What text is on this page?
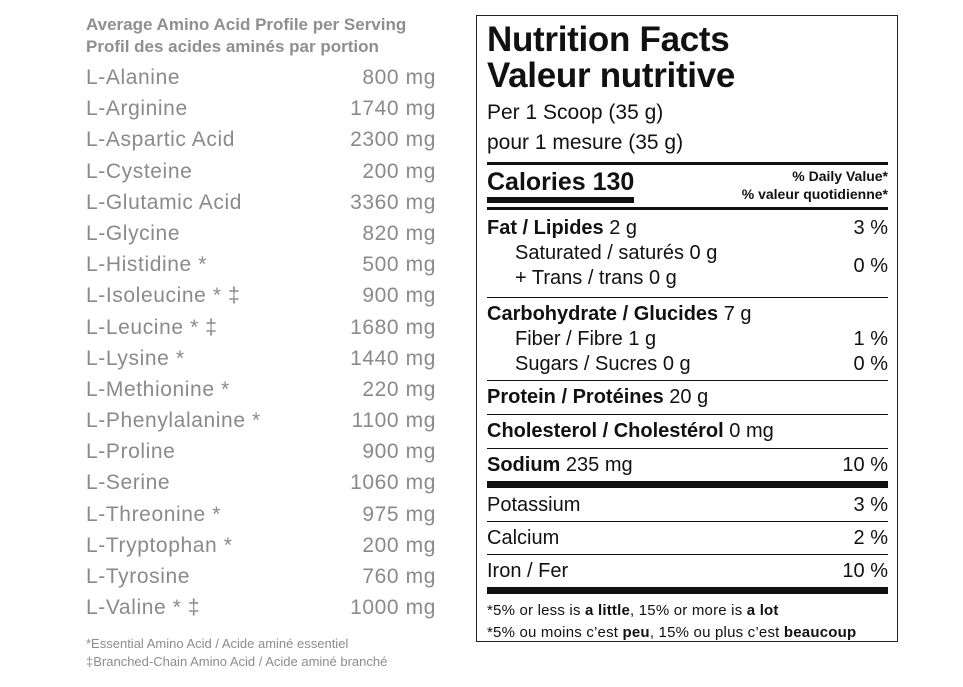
Average Amino Acid Profile per Serving
Profil des acides aminés par portion
L-Alanine	800 mg
L-Arginine	1740 mg
L-Aspartic Acid	2300 mg
L-Cysteine	200 mg
L-Glutamic Acid	3360 mg
L-Glycine	820 mg
L-Histidine *	500 mg
L-Isoleucine * ‡	900 mg
L-Leucine * ‡	1680 mg
L-Lysine *	1440 mg
L-Methionine *	220 mg
L-Phenylalanine *	1100 mg
L-Proline	900 mg
L-Serine	1060 mg
L-Threonine *	975 mg
L-Tryptophan *	200 mg
L-Tyrosine	760 mg
L-Valine * ‡	1000 mg
*Essential Amino Acid / Acide aminé essentiel
‡Branched-Chain Amino Acid / Acide aminé branché
Nutrition Facts
Valeur nutritive
Per 1 Scoop (35 g)
pour 1 mesure (35 g)
Calories 130	% Daily Value*
% valeur quotidienne*
Fat / Lipides 2 g	3 %
Saturated / saturés 0 g
+ Trans / trans 0 g
0 %
Carbohydrate / Glucides 7 g
Fiber / Fibre 1 g	1 %
Sugars / Sucres 0 g	0 %
Protein / Protéines 20 g
Cholesterol / Cholestérol 0 mg
Sodium 235 mg	10 %
Potassium	3 %
Calcium	2 %
Iron / Fer	10 %
*5% or less is a little, 15% or more is a lot
*5% ou moins c’est peu, 15% ou plus c’est beaucoup
